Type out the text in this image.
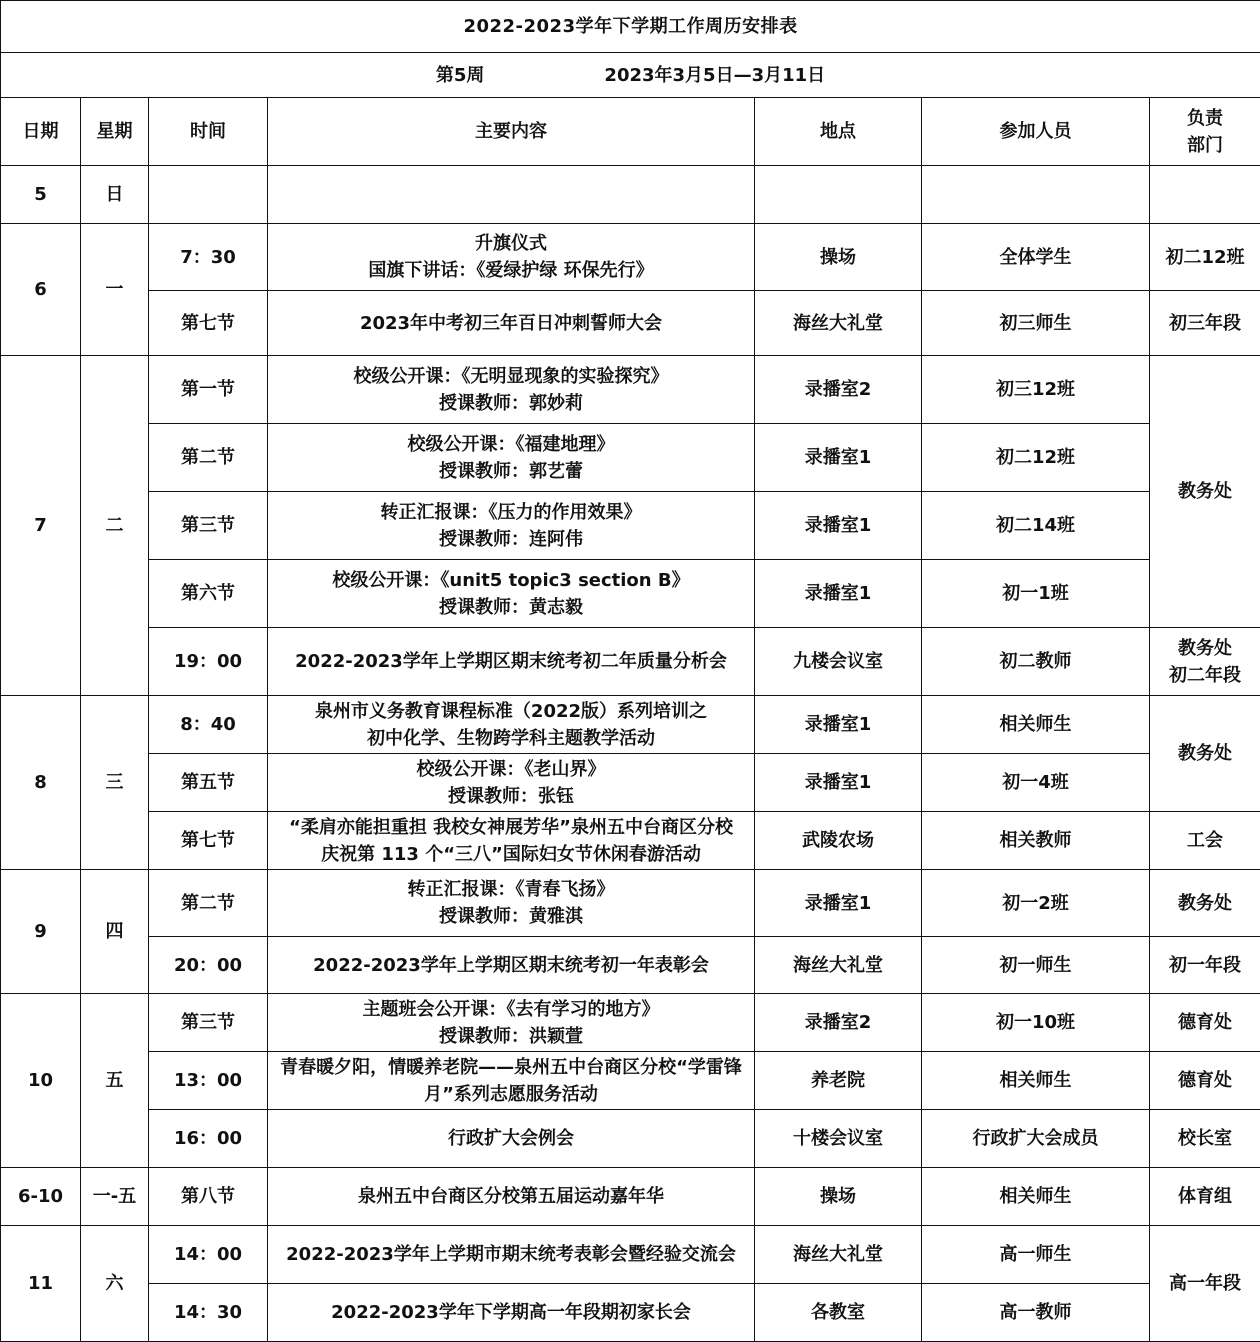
2022-2023学年下学期工作周历安排表						
第5周 2023年3月5日—3月11日						
日期	星期	时间	主要内容	地点	参加人员	负责
部门

5	日					
6	一	7：30	升旗仪式
国旗下讲话：《爱绿护绿 环保先行》	操场	全体学生	初二12班
		第七节	2023年中考初三年百日冲刺誓师大会	海丝大礼堂	初三师生	初三年段
7	二	第一节	校级公开课：《无明显现象的实验探究》
授课教师：郭妙莉	录播室2	初三12班	教务处
		第二节	校级公开课：《福建地理》
授课教师：郭艺蕾	录播室1	初二12班	
		第三节	转正汇报课：《压力的作用效果》
授课教师：连阿伟	录播室1	初二14班	
		第六节	校级公开课：《unit5 topic3 section B》
授课教师：黄志毅	录播室1	初一1班	
		19：00	2022-2023学年上学期区期末统考初二年质量分析会	九楼会议室	初二教师	教务处
初二年段

8	三	8：40	泉州市义务教育课程标准（2022版）系列培训之
初中化学、生物跨学科主题教学活动	录播室1	相关师生	教务处
		第五节	校级公开课：《老山界》
授课教师：张钰	录播室1	初一4班	
		第七节	“柔肩亦能担重担 我校女神展芳华”泉州五中台商区分校
庆祝第 113 个“三八”国际妇女节休闲春游活动	武陵农场	相关教师	工会
9	四	第二节	转正汇报课：《青春飞扬》
授课教师：黄雅淇	录播室1	初一2班	教务处
		20：00	2022-2023学年上学期区期末统考初一年表彰会	海丝大礼堂	初一师生	初一年段
10	五	第三节	主题班会公开课：《去有学习的地方》
授课教师：洪颖萱	录播室2	初一10班	德育处
		13：00	青春暖夕阳，情暖养老院——泉州五中台商区分校“学雷锋
月”系列志愿服务活动	养老院	相关师生	德育处
		16：00	行政扩大会例会	十楼会议室	行政扩大会成员	校长室
6-10	一-五	第八节	泉州五中台商区分校第五届运动嘉年华	操场	相关师生	体育组
11	六	14：00	2022-2023学年上学期市期末统考表彰会暨经验交流会	海丝大礼堂	高一师生	高一年段
		14：30	2022-2023学年下学期高一年段期初家长会	各教室	高一教师	
